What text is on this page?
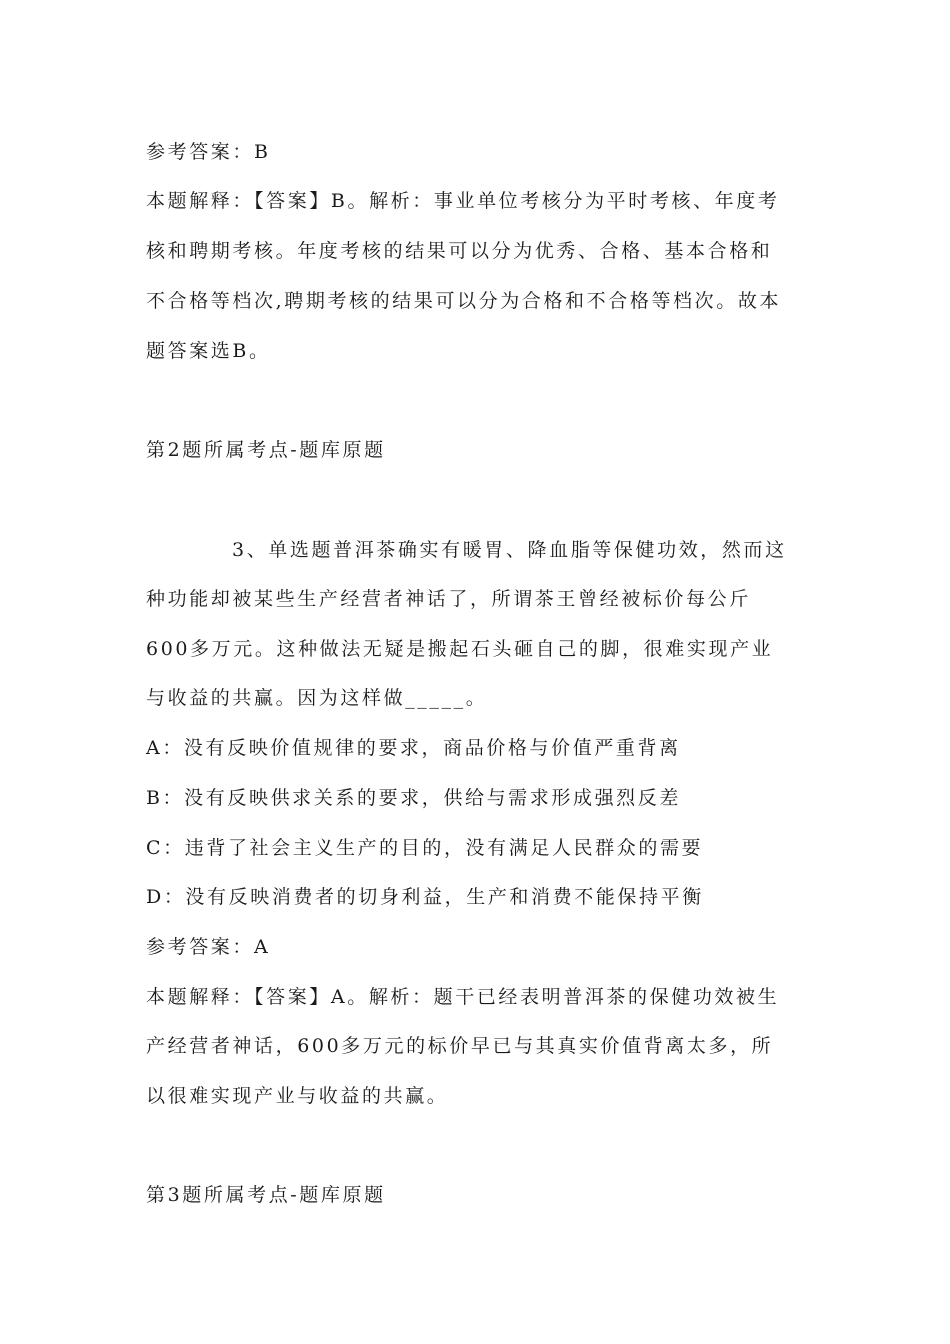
参考答案：B
本题解释：【答案】B。解析：事业单位考核分为平时考核、年度考
核和聘期考核。年度考核的结果可以分为优秀、合格、基本合格和
不合格等档次,聘期考核的结果可以分为合格和不合格等档次。故本
题答案选B。
第2题所属考点-题库原题
3、单选题普洱茶确实有暖胃、降血脂等保健功效，然而这
种功能却被某些生产经营者神话了，所谓茶王曾经被标价每公斤
600多万元。这种做法无疑是搬起石头砸自己的脚，很难实现产业
与收益的共赢。因为这样做_____。
A：没有反映价值规律的要求，商品价格与价值严重背离
B：没有反映供求关系的要求，供给与需求形成强烈反差
C：违背了社会主义生产的目的，没有满足人民群众的需要
D：没有反映消费者的切身利益，生产和消费不能保持平衡
参考答案：A
本题解释：【答案】A。解析：题干已经表明普洱茶的保健功效被生
产经营者神话，600多万元的标价早已与其真实价值背离太多，所
以很难实现产业与收益的共赢。
第3题所属考点-题库原题
